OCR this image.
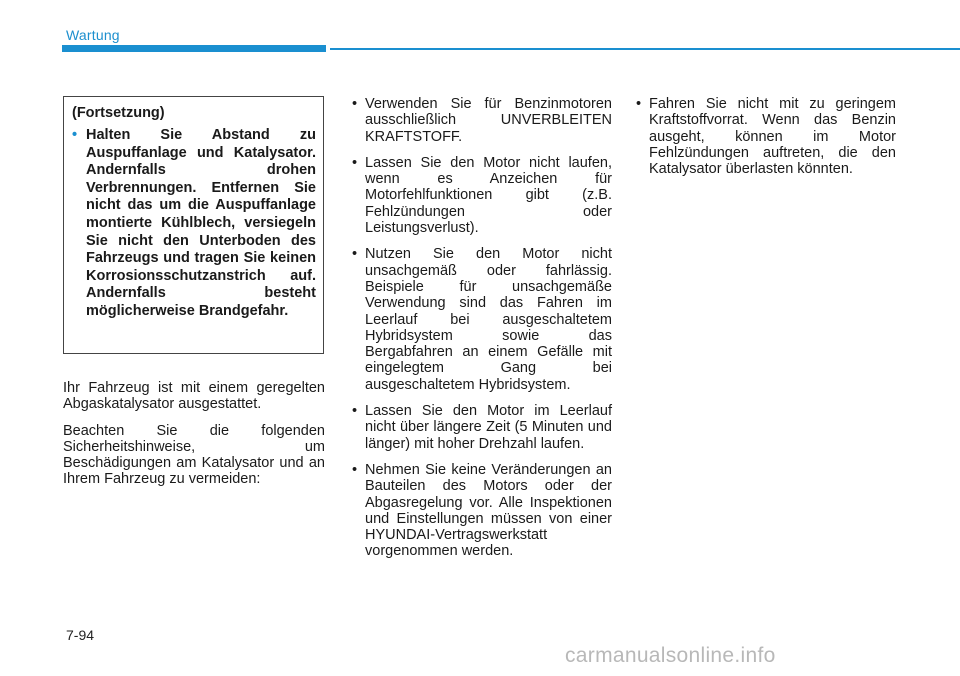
Wartung
(Fortsetzung)
• Halten Sie Abstand zu Auspuffanlage und Katalysator. Andernfalls drohen Verbrennungen. Entfernen Sie nicht das um die Auspuffanlage montierte Kühlblech, versiegeln Sie nicht den Unterboden des Fahrzeugs und tragen Sie keinen Korrosionsschutzanstrich auf. Andernfalls besteht möglicherweise Brandgefahr.

Ihr Fahrzeug ist mit einem geregelten Abgaskatalysator ausgestattet.

Beachten Sie die folgenden Sicherheitshinweise, um Beschädigungen am Katalysator und an Ihrem Fahrzeug zu vermeiden:

• Verwenden Sie für Benzinmotoren ausschließlich UNVERBLEITEN KRAFTSTOFF.
• Lassen Sie den Motor nicht laufen, wenn es Anzeichen für Motorfehlfunktionen gibt (z.B. Fehlzündungen oder Leistungsverlust).
• Nutzen Sie den Motor nicht unsachgemäß oder fahrlässig. Beispiele für unsachgemäße Verwendung sind das Fahren im Leerlauf bei ausgeschaltetem Hybridsystem sowie das Bergabfahren an einem Gefälle mit eingelegtem Gang bei ausgeschaltetem Hybridsystem.
• Lassen Sie den Motor im Leerlauf nicht über längere Zeit (5 Minuten und länger) mit hoher Drehzahl laufen.
• Nehmen Sie keine Veränderungen an Bauteilen des Motors oder der Abgasregelung vor. Alle Inspektionen und Einstellungen müssen von einer HYUNDAI-Vertragswerkstatt vorgenommen werden.
• Fahren Sie nicht mit zu geringem Kraftstoffvorrat. Wenn das Benzin ausgeht, können im Motor Fehlzündungen auftreten, die den Katalysator überlasten könnten.
7-94
carmanualsonline.info
